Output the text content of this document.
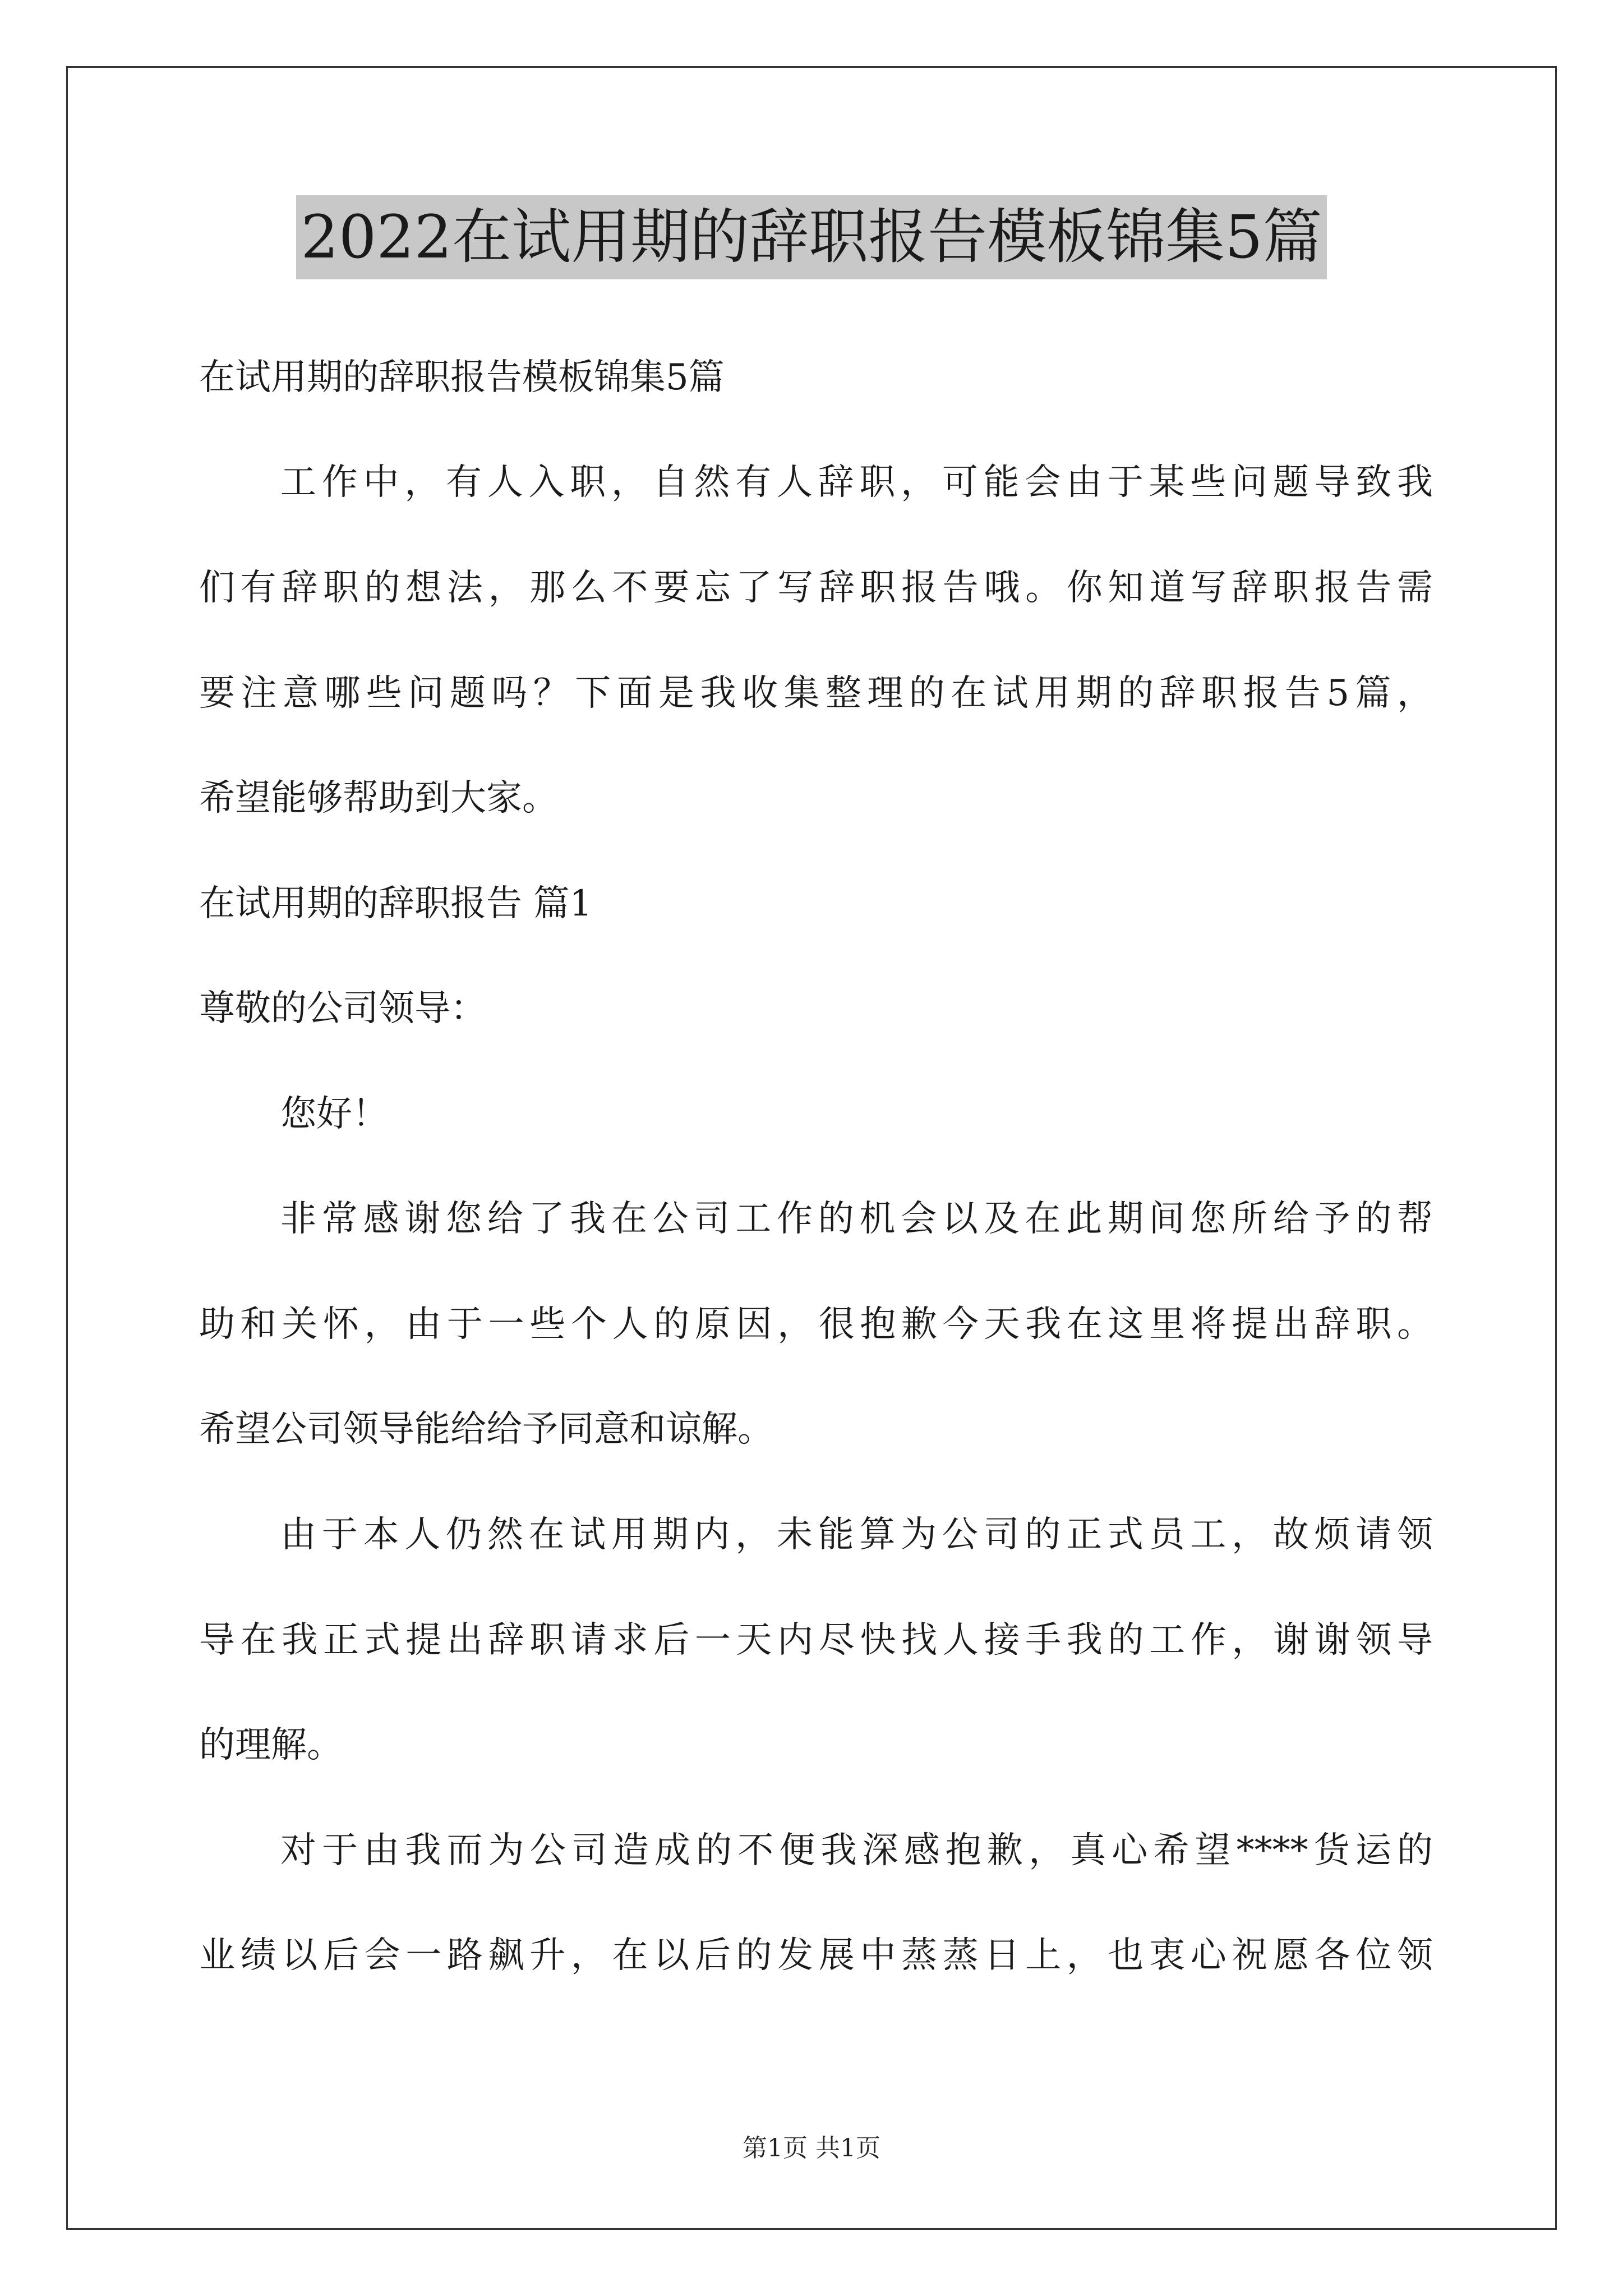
2022在试用期的辞职报告模板锦集5篇
在试用期的辞职报告模板锦集5篇
工作中，有人入职，自然有人辞职，可能会由于某些问题导致我
们有辞职的想法，那么不要忘了写辞职报告哦。你知道写辞职报告需
要注意哪些问题吗？下面是我收集整理的在试用期的辞职报告5篇，
希望能够帮助到大家。
在试用期的辞职报告 篇1
尊敬的公司领导：
您好！
非常感谢您给了我在公司工作的机会以及在此期间您所给予的帮
助和关怀，由于一些个人的原因，很抱歉今天我在这里将提出辞职。
希望公司领导能给给予同意和谅解。
由于本人仍然在试用期内，未能算为公司的正式员工，故烦请领
导在我正式提出辞职请求后一天内尽快找人接手我的工作，谢谢领导
的理解。
对于由我而为公司造成的不便我深感抱歉，真心希望****货运的
业绩以后会一路飙升，在以后的发展中蒸蒸日上，也衷心祝愿各位领
第1页 共1页
